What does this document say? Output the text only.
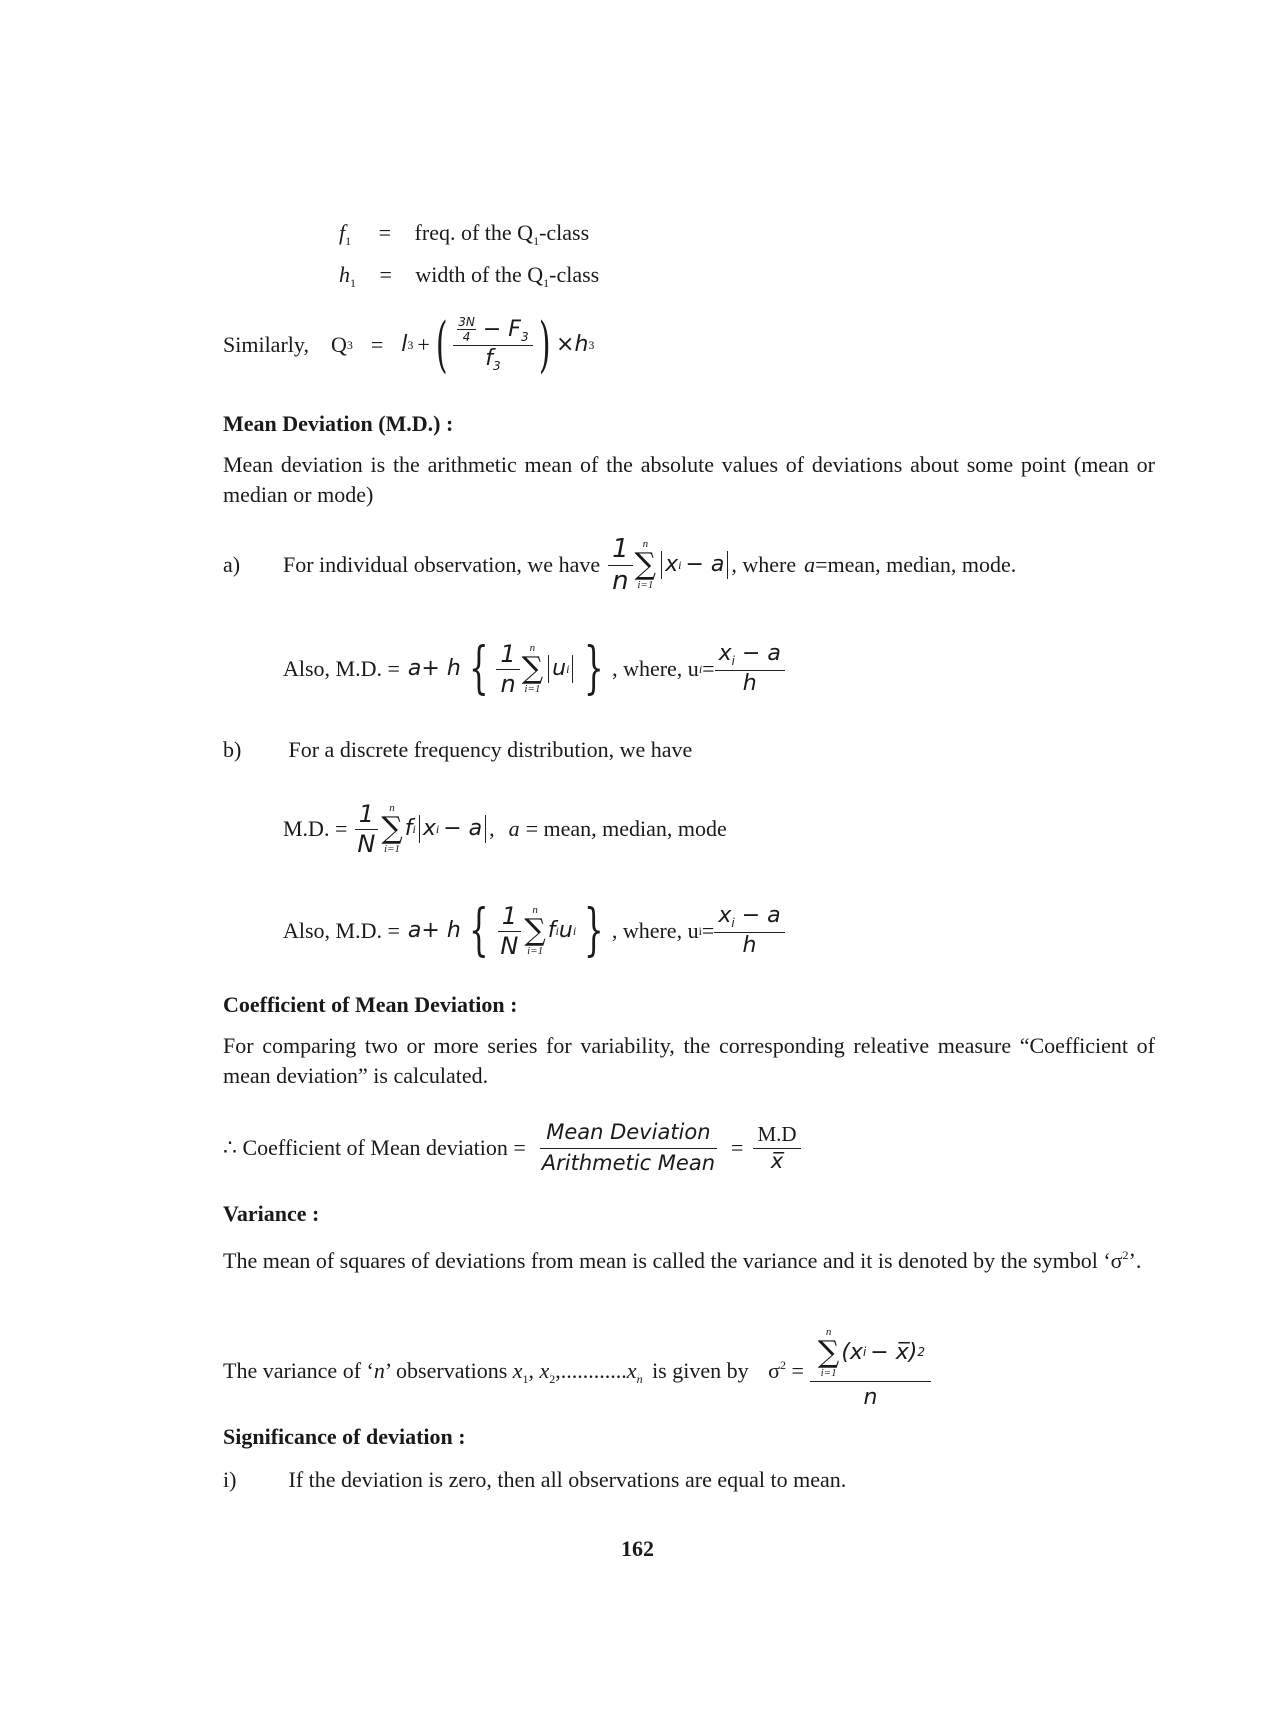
$f_1$ = freq. of the $Q_1$-class
$h_1$ = width of the $Q_1$-class
Similarly, Q 3 = l 3 + ( $\frac{\frac{3N}{4} - F_3}{f_3}$ ) ×h 3
Mean Deviation (M.D.) :
Mean deviation is the arithmetic mean of the absolute values of deviations about some point (mean or median or mode)
a)	For individual observation, we have $\frac{1}{n}$ n
∑
i=1
x i − a , where a =mean, median, mode.
Also, M.D. = a + h { $\frac{1}{n}$ n
∑
i=1
u i } , where, u $i = \frac{x_i - a}{h}$
b) For a discrete frequency distribution, we have
M.D. = $\frac{1}{N}$ n
∑
i=1
f i x i − a , a = mean, median, mode
Also, M.D. = a + h { $\frac{1}{N}$ n
∑
i=1
f i u i } , where, u $i = \frac{x_i - a}{h}$
Coefficient of Mean Deviation :
For comparing two or more series for variability, the corresponding releative measure “Coefficient of mean deviation” is calculated.
∴ Coefficient of Mean deviation = $\frac{\text{Mean Deviation}}{\text{Arithmetic Mean}} = \frac{M.D}{x̅}$
Variance :
The mean of squares of deviations from mean is called the variance and it is denoted by the symbol ‘$\sigma^2$’.
The variance of ‘n’ observations $x_1$, $x_2,............x_n$ is given by $\sigma^2 = n$
∑
i=1
(x i − x̅) 2
n
Significance of deviation :
i) If the deviation is zero, then all observations are equal to mean.
162
